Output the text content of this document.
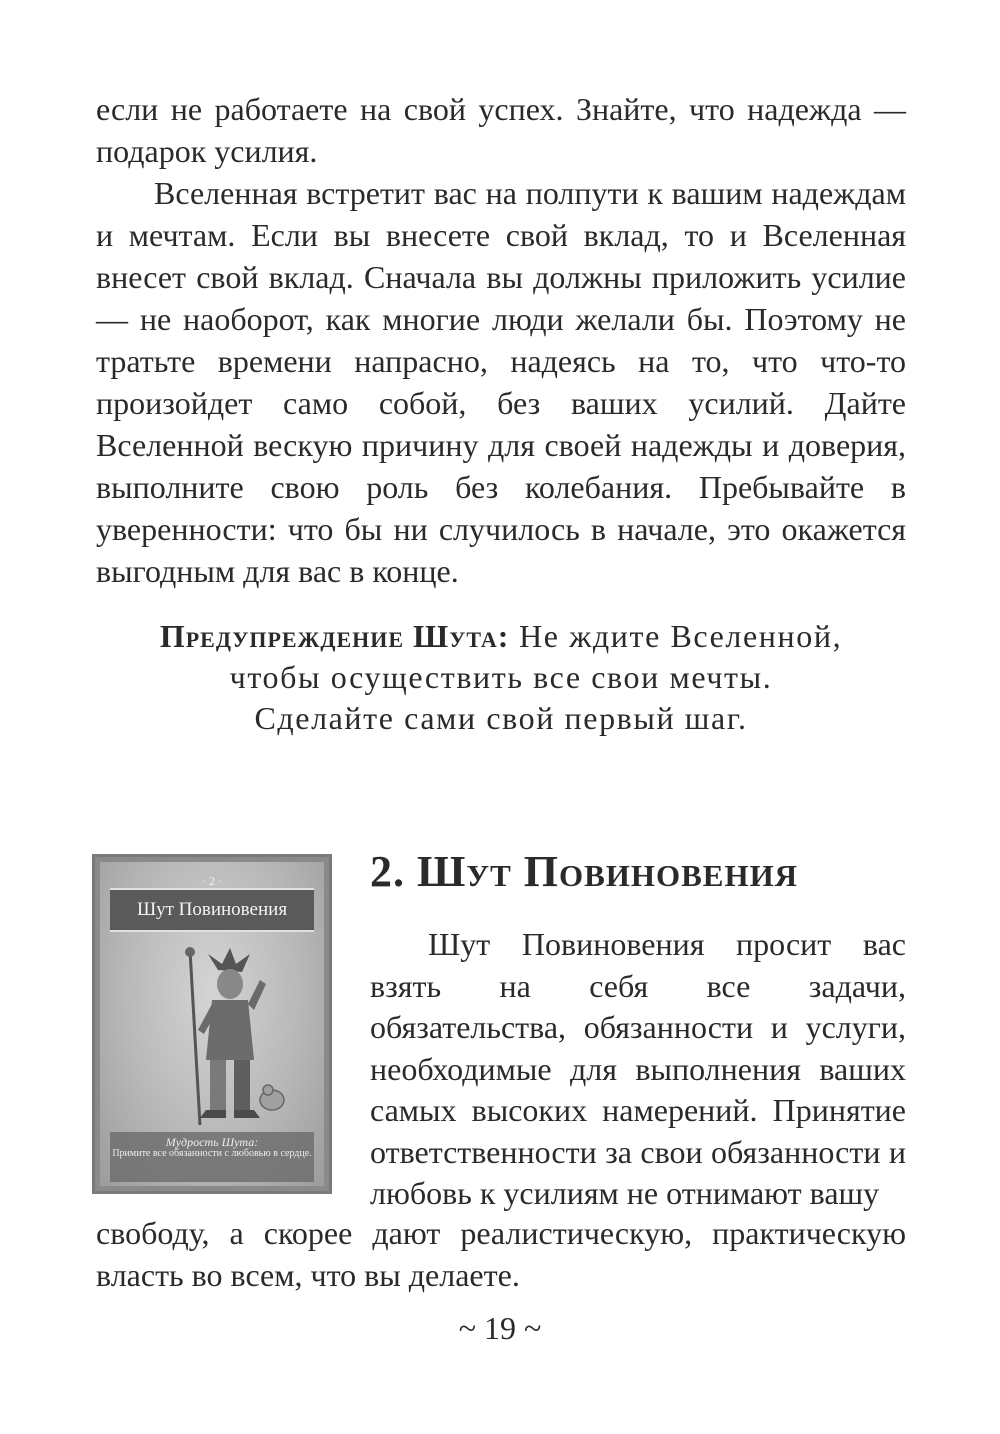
если не работаете на свой успех. Знайте, что надежда — подарок усилия.
Вселенная встретит вас на полпути к вашим надеждам и мечтам. Если вы внесете свой вклад, то и Вселенная внесет свой вклад. Сначала вы должны приложить усилие — не наоборот, как многие люди желали бы. Поэтому не тратьте времени напрасно, надеясь на то, что что-то произойдет само собой, без ваших усилий. Дайте Вселенной вескую причину для своей надежды и доверия, выполните свою роль без колебания. Пребывайте в уверенности: что бы ни случилось в начале, это окажется выгодным для вас в конце.
Предупреждение Шута: Не ждите Вселенной,
чтобы осуществить все свои мечты.
Сделайте сами свой первый шаг.
· 2 ·
Шут Повиновения
Мудрость Шута:
Примите все обязанности с любовью в сердце.
2. Шут Повиновения
Шут Повиновения просит вас взять на себя все задачи, обязательства, обязанности и услуги, необходимые для выполнения ваших самых высоких намерений. Принятие ответственности за свои обязанности и любовь к усилиям не отнимают вашу
свободу, а скорее дают реалистическую, практическую власть во всем, что вы делаете.
~ 19 ~
